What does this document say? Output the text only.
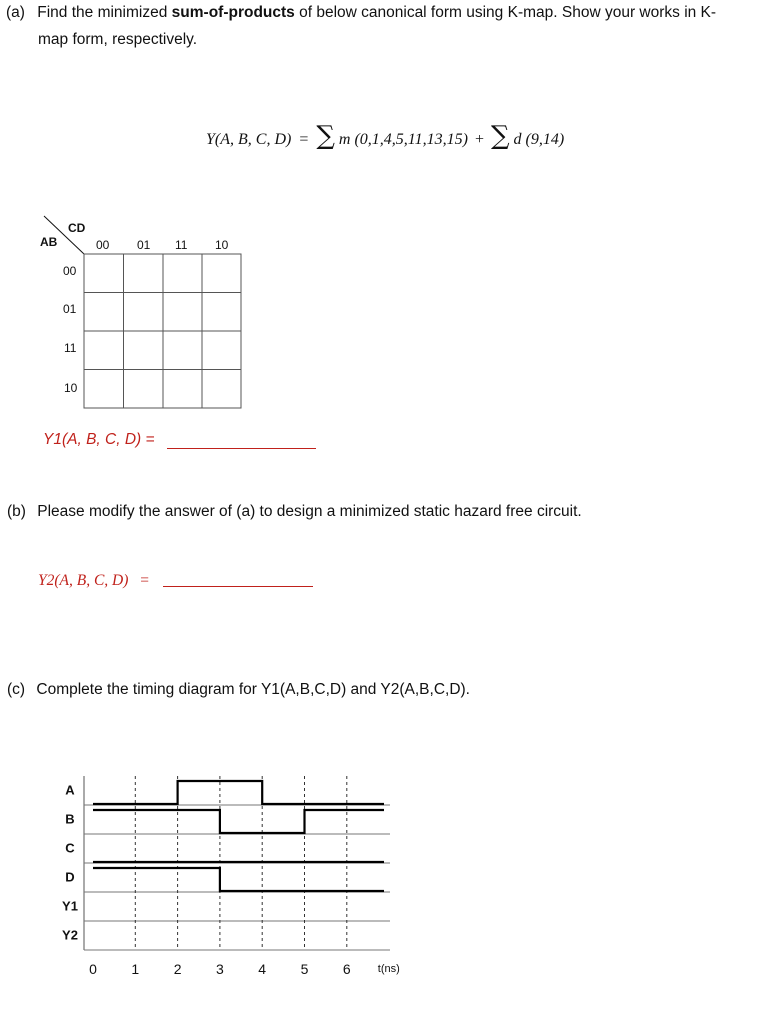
(a) Find the minimized sum-of-products of below canonical form using K-map. Show your works in K-
map form, respectively.
Y(A, B, C, D) = ∑ m (0,1,4,5,11,13,15) + ∑ d (9,14)
CD
AB	00 01 11 10
00
01
11
10
Y1(A, B, C, D) =
(b) Please modify the answer of (a) to design a minimized static hazard free circuit.
Y2(A, B, C, D) =
(c) Complete the timing diagram for Y1(A,B,C,D) and Y2(A,B,C,D).
A
B
C
D
Y1
Y2
0 1 2 3 4 5 6 t(ns)
